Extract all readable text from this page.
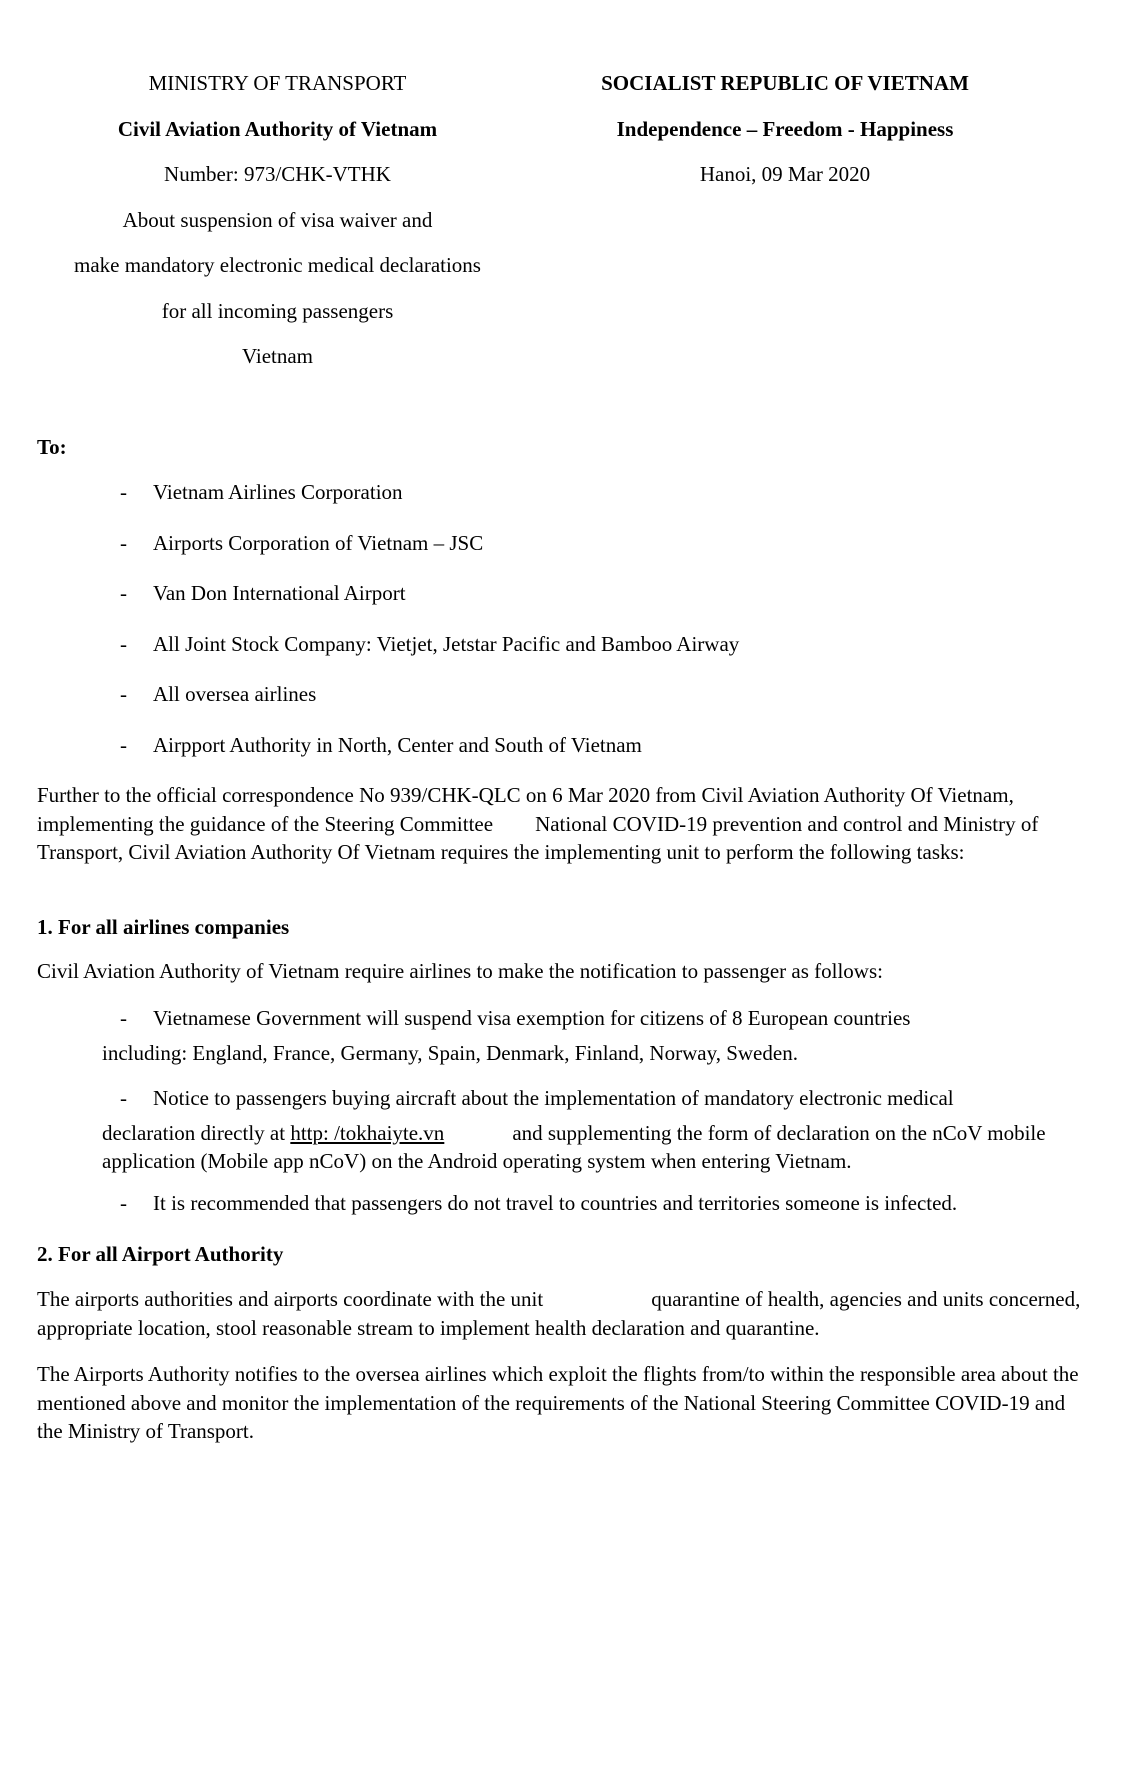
MINISTRY OF TRANSPORT
Civil Aviation Authority of Vietnam
Number: 973/CHK-VTHK
About suspension of visa waiver and
make mandatory electronic medical declarations
for all incoming passengers
Vietnam
SOCIALIST REPUBLIC OF VIETNAM
Independence – Freedom - Happiness
Hanoi, 09 Mar 2020
To:
-	Vietnam Airlines Corporation
-	Airports Corporation of Vietnam – JSC
-	Van Don International Airport
-	All Joint Stock Company: Vietjet, Jetstar Pacific and Bamboo Airway
-	All oversea airlines
-	Airpport Authority in North, Center and South of Vietnam

Further to the official correspondence No 939/CHK-QLC on 6 Mar 2020 from Civil Aviation Authority Of Vietnam, implementing the guidance of the Steering Committee National COVID-19 prevention and control and Ministry of Transport, Civil Aviation Authority Of Vietnam requires the implementing unit to perform the following tasks:

1. For all airlines companies

Civil Aviation Authority of Vietnam require airlines to make the notification to passenger as follows:

- Vietnamese Government will suspend visa exemption for citizens of 8 European countries
including: England, France, Germany, Spain, Denmark, Finland, Norway, Sweden.
- Notice to passengers buying aircraft about the implementation of mandatory electronic medical
declaration directly at http: /tokhaiyte.vn	and supplementing the form of declaration on the nCoV mobile application (Mobile app nCoV) on the Android operating system when entering Vietnam.
- It is recommended that passengers do not travel to countries and territories someone is infected.
2. For all Airport Authority

The airports authorities and airports coordinate with the unit	quarantine of health, agencies and units concerned, appropriate location, stool reasonable stream to implement health declaration and quarantine.

The Airports Authority notifies to the oversea airlines which exploit the flights from/to within the responsible area about the mentioned above and monitor the implementation of the requirements of the National Steering Committee COVID-19 and the Ministry of Transport.
